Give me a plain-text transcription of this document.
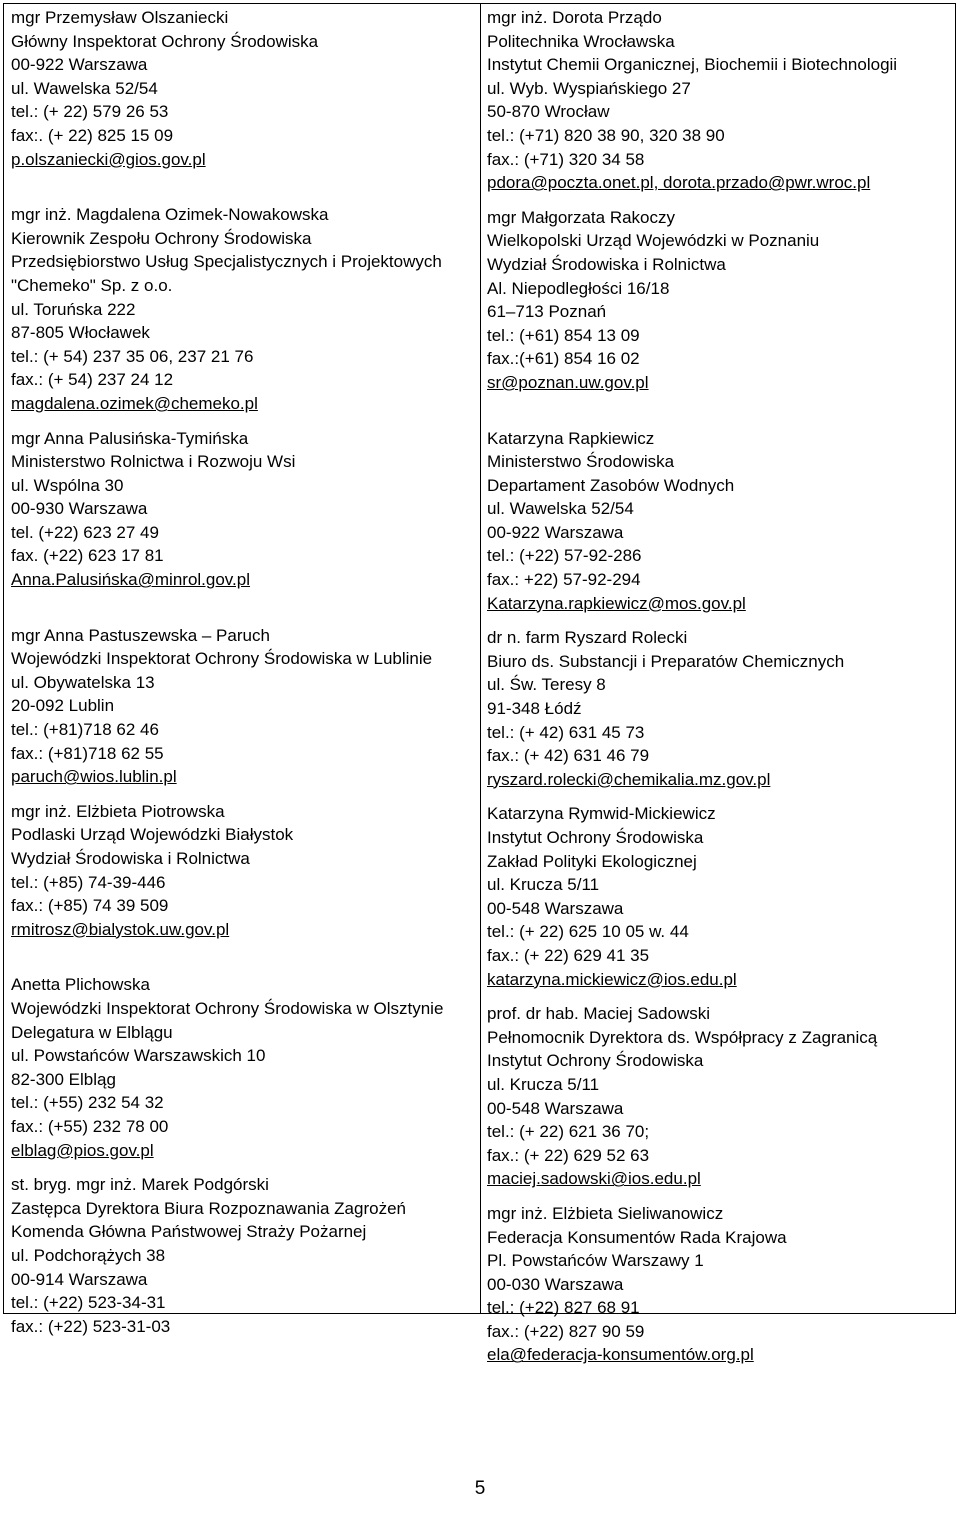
mgr Przemysław Olszaniecki
Główny Inspektorat Ochrony Środowiska
00-922 Warszawa
ul. Wawelska 52/54
tel.: (+ 22) 579 26 53
fax:. (+ 22) 825 15 09
p.olszaniecki@gios.gov.pl
mgr inż. Magdalena Ozimek-Nowakowska
Kierownik Zespołu Ochrony Środowiska
Przedsiębiorstwo Usług Specjalistycznych i Projektowych
"Chemeko" Sp. z o.o.
ul. Toruńska 222
87-805 Włocławek
tel.: (+ 54) 237 35 06, 237 21 76
fax.: (+ 54) 237 24 12
magdalena.ozimek@chemeko.pl
mgr Anna Palusińska-Tymińska
Ministerstwo Rolnictwa i Rozwoju Wsi
ul. Wspólna 30
00-930 Warszawa
tel. (+22) 623 27 49
fax. (+22) 623 17 81
Anna.Palusińska@minrol.gov.pl
mgr Anna Pastuszewska – Paruch
Wojewódzki Inspektorat Ochrony Środowiska w Lublinie
ul. Obywatelska 13
20-092 Lublin
tel.: (+81)718 62 46
fax.: (+81)718 62 55
paruch@wios.lublin.pl
mgr inż. Elżbieta Piotrowska
Podlaski Urząd Wojewódzki Białystok
Wydział Środowiska i Rolnictwa
tel.: (+85) 74-39-446
fax.: (+85) 74 39 509
rmitrosz@bialystok.uw.gov.pl
Anetta Plichowska
Wojewódzki Inspektorat Ochrony Środowiska w Olsztynie
Delegatura w Elblągu
ul. Powstańców Warszawskich 10
82-300 Elbląg
tel.: (+55) 232 54 32
fax.: (+55) 232 78 00
elblag@pios.gov.pl
st. bryg. mgr inż. Marek Podgórski
Zastępca Dyrektora Biura Rozpoznawania Zagrożeń
Komenda Główna Państwowej Straży Pożarnej
ul. Podchorążych 38
00-914 Warszawa
tel.: (+22) 523-34-31
fax.: (+22) 523-31-03
mgr inż. Dorota Prządo
Politechnika Wrocławska
Instytut Chemii Organicznej, Biochemii i Biotechnologii
ul. Wyb. Wyspiańskiego 27
50-870 Wrocław
tel.: (+71) 820 38 90, 320 38 90
fax.: (+71) 320 34 58
pdora@poczta.onet.pl, dorota.przado@pwr.wroc.pl
mgr Małgorzata Rakoczy
Wielkopolski Urząd Wojewódzki w Poznaniu
Wydział Środowiska i Rolnictwa
Al. Niepodległości 16/18
61–713 Poznań
tel.: (+61) 854 13 09
fax.:(+61) 854 16 02
sr@poznan.uw.gov.pl
Katarzyna Rapkiewicz
Ministerstwo Środowiska
Departament Zasobów Wodnych
ul. Wawelska 52/54
00-922 Warszawa
tel.: (+22) 57-92-286
fax.: +22) 57-92-294
Katarzyna.rapkiewicz@mos.gov.pl
dr n. farm Ryszard Rolecki
Biuro ds. Substancji i Preparatów Chemicznych
ul. Św. Teresy 8
91-348 Łódź
tel.: (+ 42) 631 45 73
fax.: (+ 42) 631 46 79
ryszard.rolecki@chemikalia.mz.gov.pl
Katarzyna Rymwid-Mickiewicz
Instytut Ochrony Środowiska
Zakład Polityki Ekologicznej
ul. Krucza 5/11
00-548 Warszawa
tel.: (+ 22) 625 10 05 w. 44
fax.: (+ 22) 629 41 35
katarzyna.mickiewicz@ios.edu.pl
prof. dr hab. Maciej Sadowski
Pełnomocnik Dyrektora ds. Współpracy z Zagranicą
Instytut Ochrony Środowiska
ul. Krucza 5/11
00-548 Warszawa
tel.: (+ 22) 621 36 70;
fax.: (+ 22) 629 52 63
maciej.sadowski@ios.edu.pl
mgr inż. Elżbieta Sieliwanowicz
Federacja Konsumentów Rada Krajowa
Pl. Powstańców Warszawy 1
00-030 Warszawa
tel.: (+22) 827 68 91
fax.: (+22) 827 90 59
ela@federacja-konsumentów.org.pl
5
